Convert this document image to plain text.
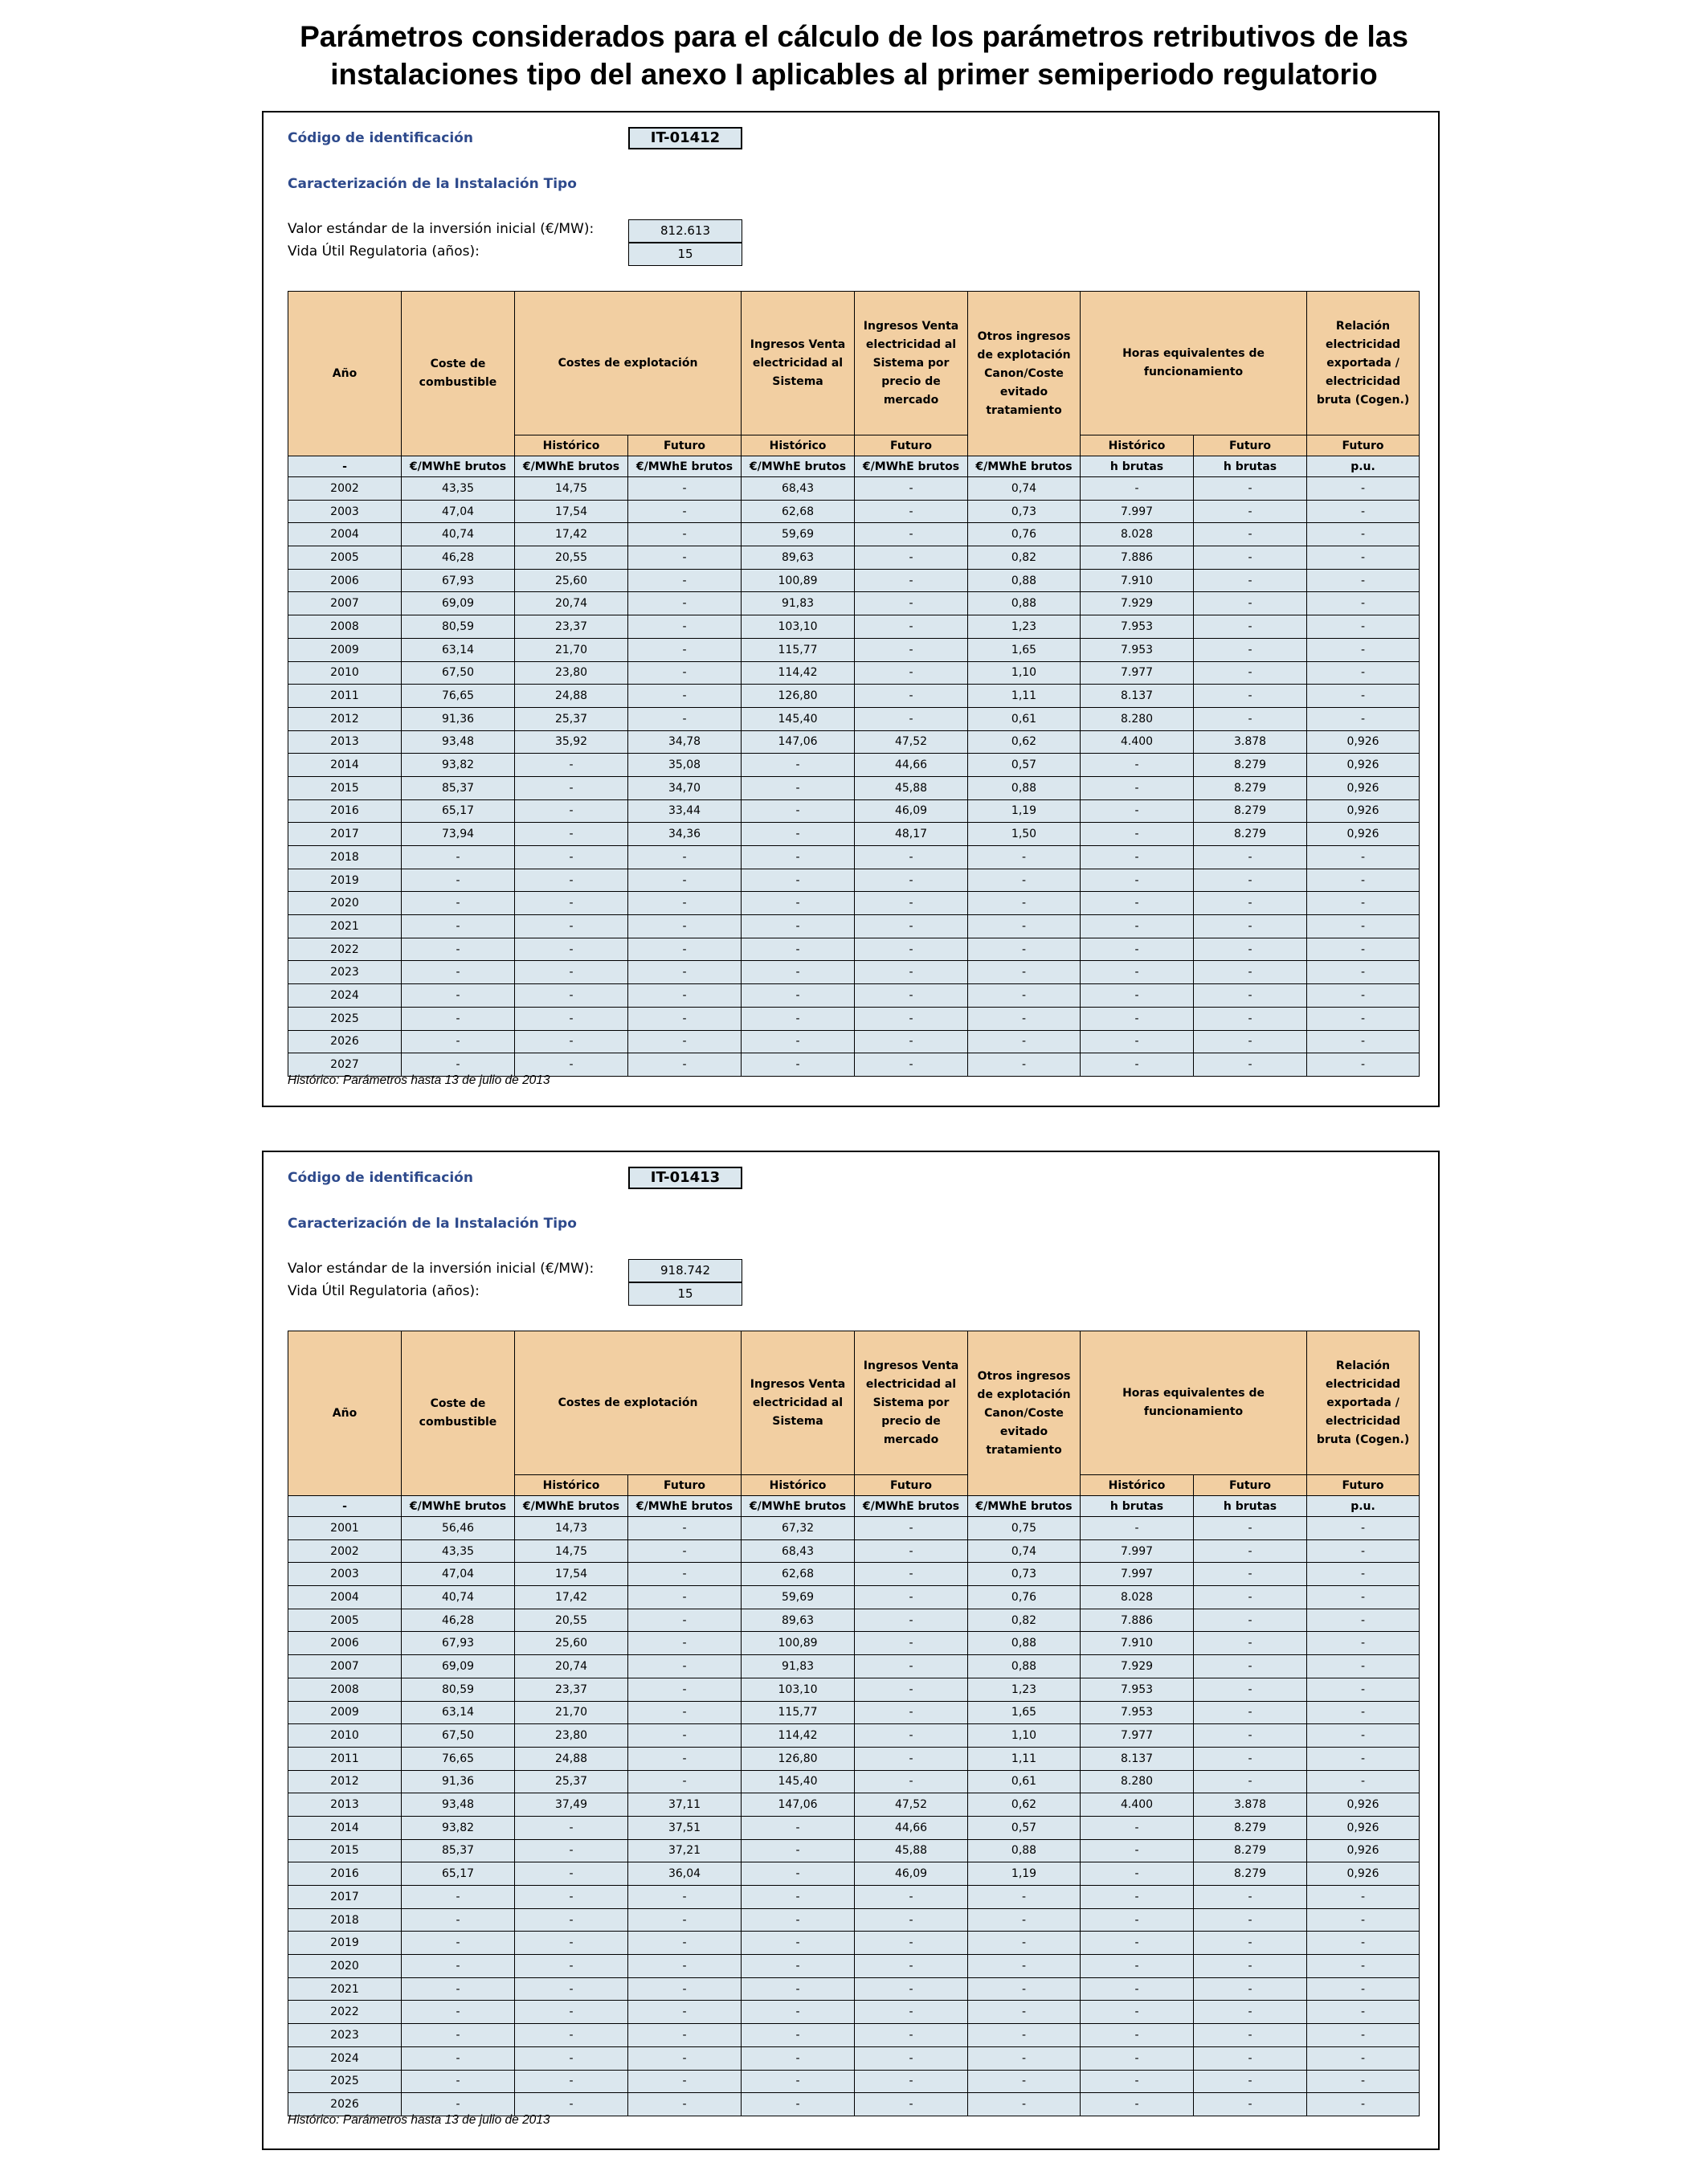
Parámetros considerados para el cálculo de los parámetros retributivos de las
instalaciones tipo del anexo I aplicables al primer semiperiodo regulatorio
Código de identificación	IT-01412
Caracterización de la Instalación Tipo
Valor estándar de la inversión inicial (€/MW):	812.613
Vida Útil Regulatoria (años):	15
Año	Coste de combustible	Costes de explotación		Ingresos Venta electricidad al Sistema	Ingresos Venta electricidad al Sistema por precio de mercado	Otros ingresos de explotación Canon/Coste evitado tratamiento	Horas equivalentes de funcionamiento		Relación electricidad exportada / electricidad bruta (Cogen.)
		Histórico	Futuro	Histórico	Futuro		Histórico	Futuro	Futuro
-	€/MWhE brutos	€/MWhE brutos	€/MWhE brutos	€/MWhE brutos	€/MWhE brutos	€/MWhE brutos	h brutas	h brutas	p.u.
2002	43,35	14,75	-	68,43	-	0,74	-	-	-
2003	47,04	17,54	-	62,68	-	0,73	7.997	-	-
2004	40,74	17,42	-	59,69	-	0,76	8.028	-	-
2005	46,28	20,55	-	89,63	-	0,82	7.886	-	-
2006	67,93	25,60	-	100,89	-	0,88	7.910	-	-
2007	69,09	20,74	-	91,83	-	0,88	7.929	-	-
2008	80,59	23,37	-	103,10	-	1,23	7.953	-	-
2009	63,14	21,70	-	115,77	-	1,65	7.953	-	-
2010	67,50	23,80	-	114,42	-	1,10	7.977	-	-
2011	76,65	24,88	-	126,80	-	1,11	8.137	-	-
2012	91,36	25,37	-	145,40	-	0,61	8.280	-	-
2013	93,48	35,92	34,78	147,06	47,52	0,62	4.400	3.878	0,926
2014	93,82	-	35,08	-	44,66	0,57	-	8.279	0,926
2015	85,37	-	34,70	-	45,88	0,88	-	8.279	0,926
2016	65,17	-	33,44	-	46,09	1,19	-	8.279	0,926
2017	73,94	-	34,36	-	48,17	1,50	-	8.279	0,926
2018	-	-	-	-	-	-	-	-	-
2019	-	-	-	-	-	-	-	-	-
2020	-	-	-	-	-	-	-	-	-
2021	-	-	-	-	-	-	-	-	-
2022	-	-	-	-	-	-	-	-	-
2023	-	-	-	-	-	-	-	-	-
2024	-	-	-	-	-	-	-	-	-
2025	-	-	-	-	-	-	-	-	-
2026	-	-	-	-	-	-	-	-	-
2027	-	-	-	-	-	-	-	-	-
Histórico: Parámetros hasta 13 de julio de 2013
Código de identificación	IT-01413
Caracterización de la Instalación Tipo
Valor estándar de la inversión inicial (€/MW):	918.742
Vida Útil Regulatoria (años):	15
Año	Coste de combustible	Costes de explotación		Ingresos Venta electricidad al Sistema	Ingresos Venta electricidad al Sistema por precio de mercado	Otros ingresos de explotación Canon/Coste evitado tratamiento	Horas equivalentes de funcionamiento		Relación electricidad exportada / electricidad bruta (Cogen.)
		Histórico	Futuro	Histórico	Futuro		Histórico	Futuro	Futuro
-	€/MWhE brutos	€/MWhE brutos	€/MWhE brutos	€/MWhE brutos	€/MWhE brutos	€/MWhE brutos	h brutas	h brutas	p.u.
2001	56,46	14,73	-	67,32	-	0,75	-	-	-
2002	43,35	14,75	-	68,43	-	0,74	7.997	-	-
2003	47,04	17,54	-	62,68	-	0,73	7.997	-	-
2004	40,74	17,42	-	59,69	-	0,76	8.028	-	-
2005	46,28	20,55	-	89,63	-	0,82	7.886	-	-
2006	67,93	25,60	-	100,89	-	0,88	7.910	-	-
2007	69,09	20,74	-	91,83	-	0,88	7.929	-	-
2008	80,59	23,37	-	103,10	-	1,23	7.953	-	-
2009	63,14	21,70	-	115,77	-	1,65	7.953	-	-
2010	67,50	23,80	-	114,42	-	1,10	7.977	-	-
2011	76,65	24,88	-	126,80	-	1,11	8.137	-	-
2012	91,36	25,37	-	145,40	-	0,61	8.280	-	-
2013	93,48	37,49	37,11	147,06	47,52	0,62	4.400	3.878	0,926
2014	93,82	-	37,51	-	44,66	0,57	-	8.279	0,926
2015	85,37	-	37,21	-	45,88	0,88	-	8.279	0,926
2016	65,17	-	36,04	-	46,09	1,19	-	8.279	0,926
2017	-	-	-	-	-	-	-	-	-
2018	-	-	-	-	-	-	-	-	-
2019	-	-	-	-	-	-	-	-	-
2020	-	-	-	-	-	-	-	-	-
2021	-	-	-	-	-	-	-	-	-
2022	-	-	-	-	-	-	-	-	-
2023	-	-	-	-	-	-	-	-	-
2024	-	-	-	-	-	-	-	-	-
2025	-	-	-	-	-	-	-	-	-
2026	-	-	-	-	-	-	-	-	-
Histórico: Parámetros hasta 13 de julio de 2013
